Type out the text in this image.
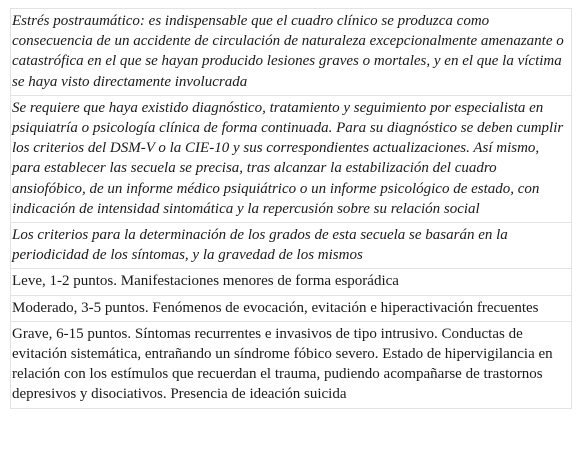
Estrés postraumático: es indispensable que el cuadro clínico se produzca como consecuencia de un accidente de circulación de naturaleza excepcionalmente amenazante o catastrófica en el que se hayan producido lesiones graves o mortales, y en el que la víctima se haya visto directamente involucrada
Se requiere que haya existido diagnóstico, tratamiento y seguimiento por especialista en psiquiatría o psicología clínica de forma continuada. Para su diagnóstico se deben cumplir los criterios del DSM-V o la CIE-10 y sus correspondientes actualizaciones. Así mismo, para establecer las secuela se precisa, tras alcanzar la estabilización del cuadro ansiofóbico, de un informe médico psiquiátrico o un informe psicológico de estado, con indicación de intensidad sintomática y la repercusión sobre su relación social
Los criterios para la determinación de los grados de esta secuela se basarán en la periodicidad de los síntomas, y la gravedad de los mismos
Leve, 1-2 puntos. Manifestaciones menores de forma esporádica
Moderado, 3-5 puntos. Fenómenos de evocación, evitación e hiperactivación frecuentes
Grave, 6-15 puntos. Síntomas recurrentes e invasivos de tipo intrusivo. Conductas de evitación sistemática, entrañando un síndrome fóbico severo. Estado de hipervigilancia en relación con los estímulos que recuerdan el trauma, pudiendo acompañarse de trastornos depresivos y disociativos. Presencia de ideación suicida
